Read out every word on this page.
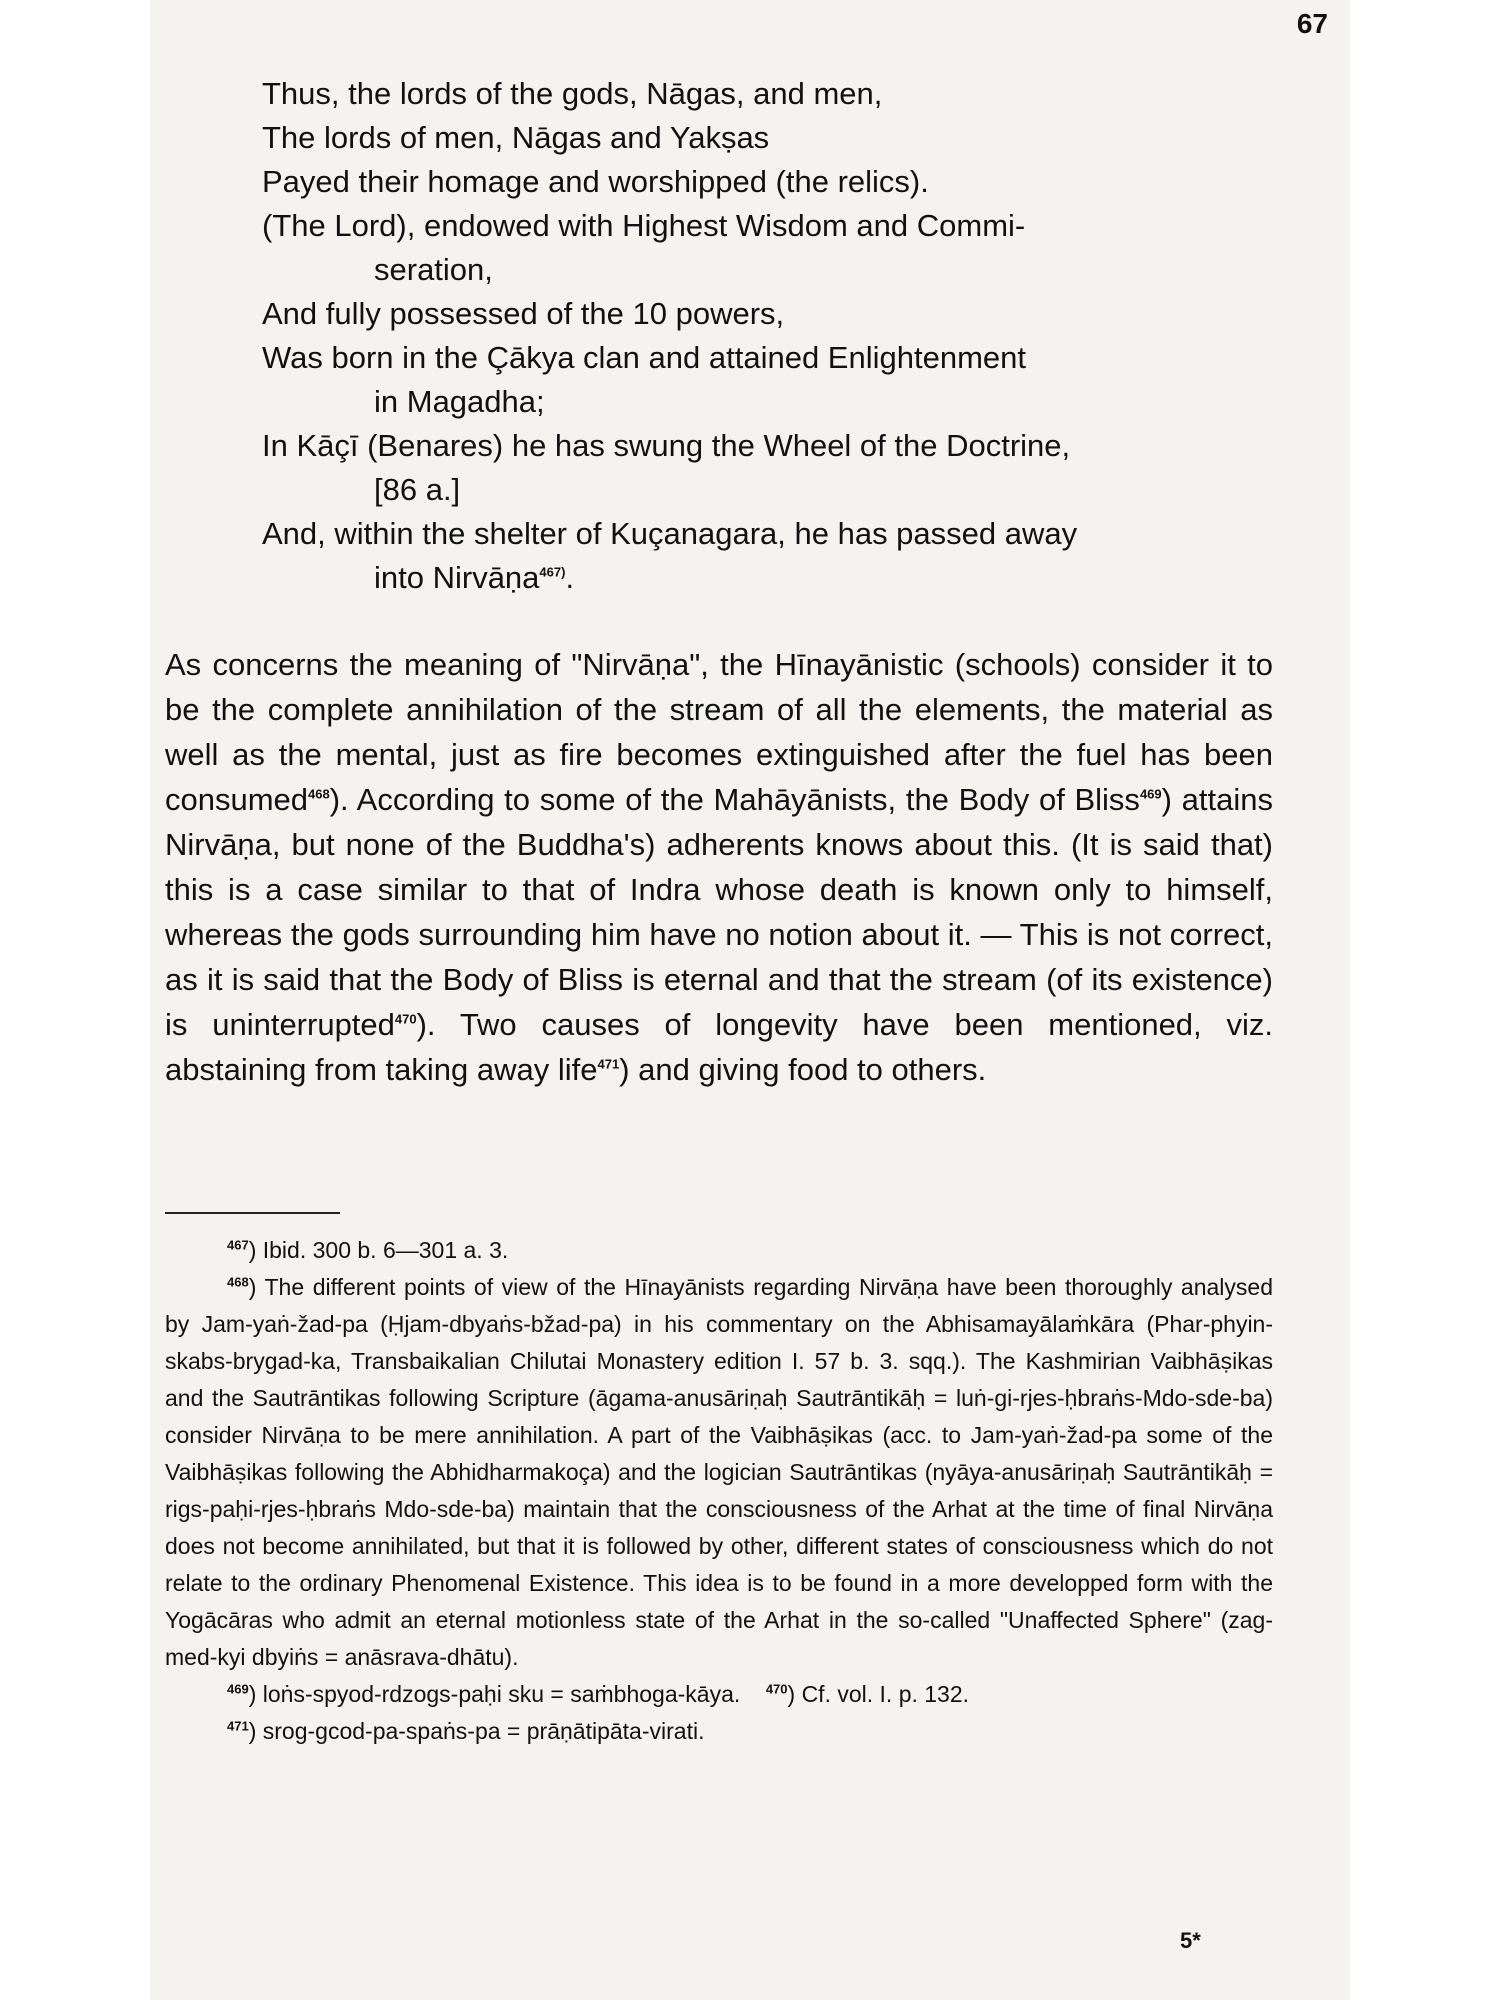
67
Thus, the lords of the gods, Nāgas, and men,
The lords of men, Nāgas and Yakṣas
Payed their homage and worshipped (the relics).
(The Lord), endowed with Highest Wisdom and Commi-
seration,
And fully possessed of the 10 powers,
Was born in the Çākya clan and attained Enlightenment
in Magadha;
In Kāçī (Benares) he has swung the Wheel of the Doctrine,
[86 a.]
And, within the shelter of Kuçanagara, he has passed away
into Nirvāṇa$^{467)}$.
As concerns the meaning of "Nirvāṇa", the Hīnayānistic (schools) consider it to be the complete annihilation of the stream of all the elements, the material as well as the mental, just as fire becomes extinguished after the fuel has been consumed$^{468}$). According to some of the Mahāyānists, the Body of Bliss$^{469}$) attains Nirvāṇa, but none of the Buddha's) adherents knows about this. (It is said that) this is a case similar to that of Indra whose death is known only to himself, whereas the gods surrounding him have no notion about it. — This is not correct, as it is said that the Body of Bliss is eternal and that the stream (of its existence) is uninterrupted$^{470}$). Two causes of longevity have been mentioned, viz. abstaining from taking away life$^{471}$) and giving food to others.

$^{467}$) Ibid. 300 b. 6—301 a. 3.

$^{468}$) The different points of view of the Hīnayānists regarding Nirvāṇa have been thoroughly analysed by Jam-yaṅ-žad-pa (Ḥjam-dbyaṅs-bžad-pa) in his commentary on the Abhisamayālaṁkāra (Phar-phyin-skabs-brygad-ka, Transbaikalian Chilutai Monastery edition I. 57 b. 3. sqq.). The Kashmirian Vaibhāṣikas and the Sautrāntikas following Scripture (āgama-anusāriṇaḥ Sautrāntikāḥ = luṅ-gi-rjes-ḥbraṅs-Mdo-sde-ba) consider Nirvāṇa to be mere annihilation. A part of the Vaibhāṣikas (acc. to Jam-yaṅ-žad-pa some of the Vaibhāṣikas following the Abhidharmakoça) and the logician Sautrāntikas (nyāya-anusāriṇaḥ Sautrāntikāḥ = rigs-paḥi-rjes-ḥbraṅs Mdo-sde-ba) maintain that the consciousness of the Arhat at the time of final Nirvāṇa does not become annihilated, but that it is followed by other, different states of consciousness which do not relate to the ordinary Phenomenal Existence. This idea is to be found in a more developped form with the Yogācāras who admit an eternal motionless state of the Arhat in the so-called "Unaffected Sphere" (zag-med-kyi dbyiṅs = anāsrava-dhātu).

$^{469}$) loṅs-spyod-rdzogs-paḥi sku = saṁbhoga-kāya. $^{470}$) Cf. vol. I. p. 132.

$^{471}$) srog-gcod-pa-spaṅs-pa = prāṇātipāta-virati.

5*
